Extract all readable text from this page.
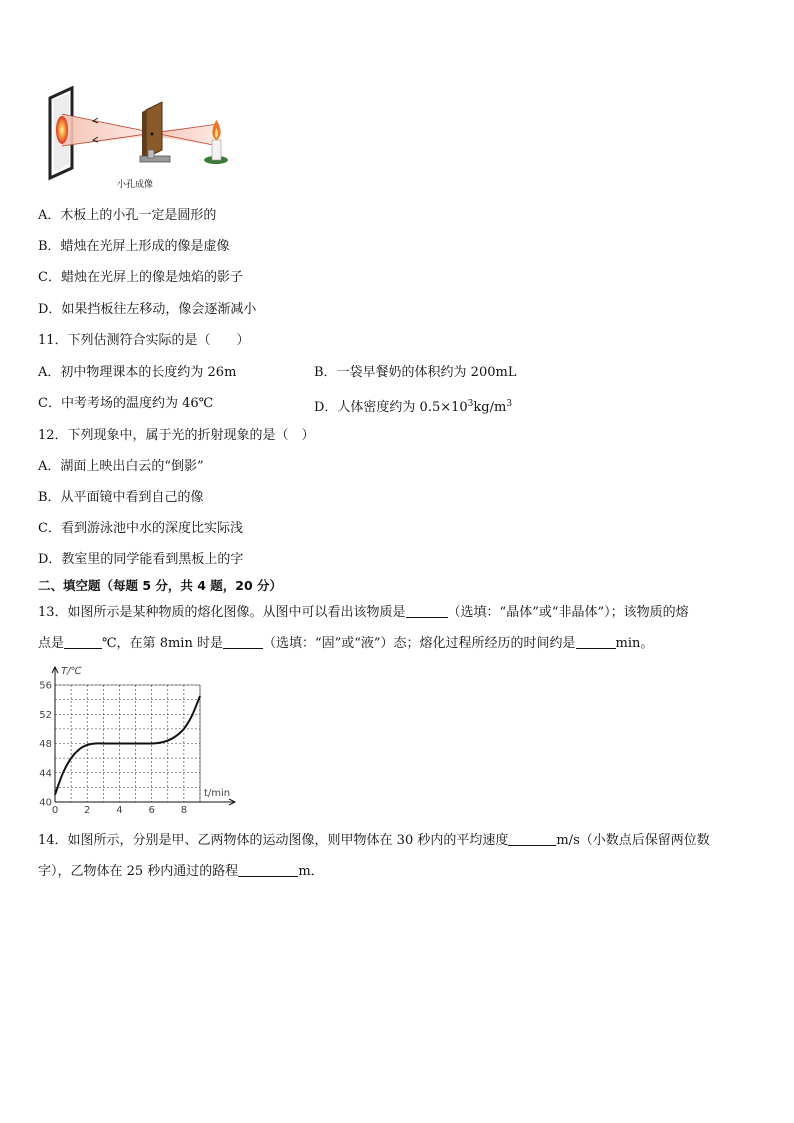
小孔成像
A．木板上的小孔一定是圆形的
B．蜡烛在光屏上形成的像是虚像
C．蜡烛在光屏上的像是烛焰的影子
D．如果挡板往左移动，像会逐渐减小
11．下列估测符合实际的是（　　）
A．初中物理课本的长度约为 26m	B．一袋早餐奶的体积约为 200mL
C．中考考场的温度约为 46℃	D．人体密度约为 $0.5\times 10^3kg/m^3$
12．下列现象中，属于光的折射现象的是（　）
A．湖面上映出白云的“倒影”
B．从平面镜中看到自己的像
C．看到游泳池中水的深度比实际浅
D．教室里的同学能看到黑板上的字
二、填空题（每题 5 分，共 4 题，20 分）
13．如图所示是某种物质的熔化图像。从图中可以看出该物质是	（选填：“晶体”或“非晶体”）；该物质的熔
点是	℃，在第 8min 时是	（选填：“固”或“液”）态；熔化过程所经历的时间约是	min。
40
44
48
52
56
0	2	4	6	8
T/℃
t/min
14．如图所示，分别是甲、乙两物体的运动图像，则甲物体在 30 秒内的平均速度	m/s（小数点后保留两位数
字），乙物体在 25 秒内通过的路程	m．
